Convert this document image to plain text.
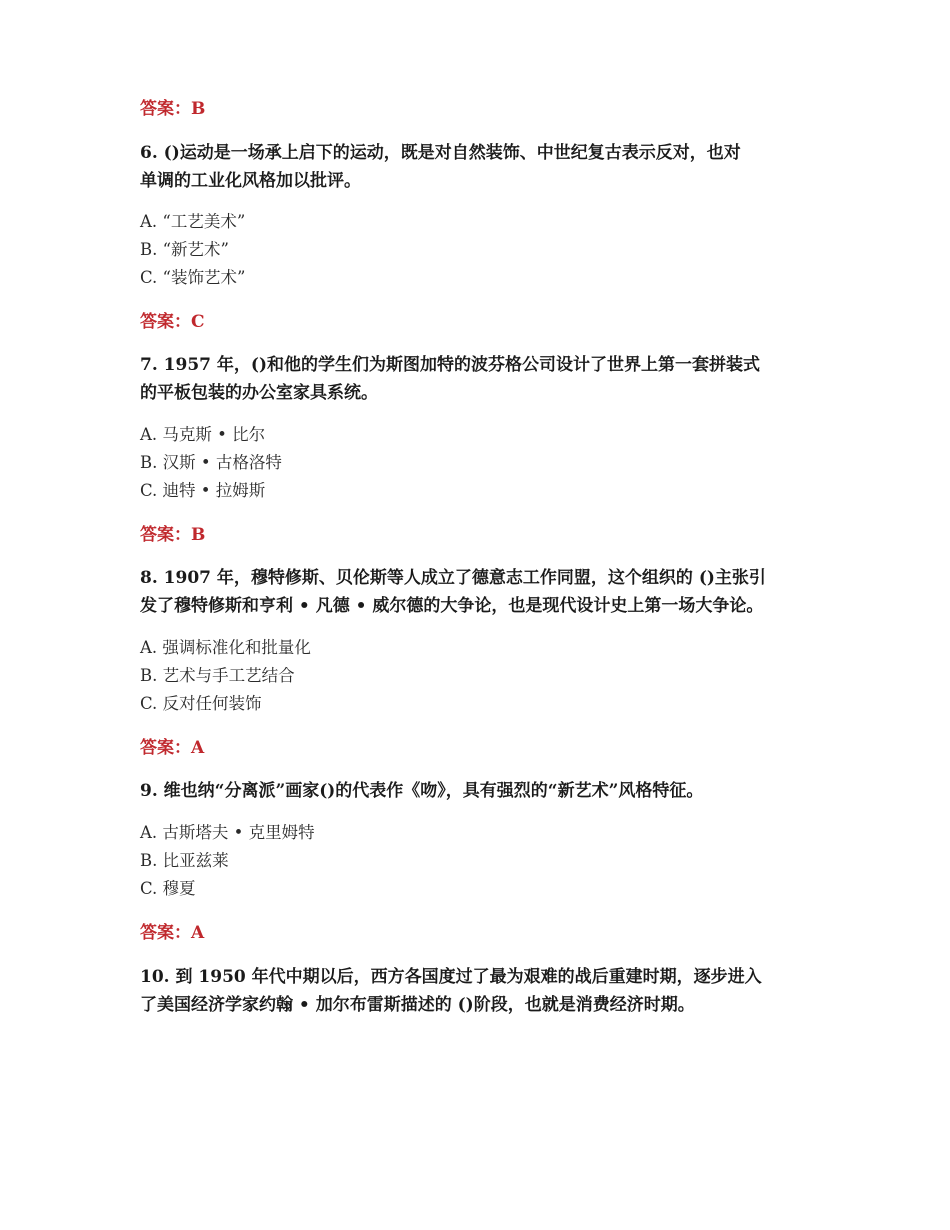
答案：B
6. ()运动是一场承上启下的运动，既是对自然装饰、中世纪复古表示反对，也对
单调的工业化风格加以批评。
A. “工艺美术”
B. “新艺术”
C. “装饰艺术”
答案：C
7. 1957 年，()和他的学生们为斯图加特的波芬格公司设计了世界上第一套拼装式
的平板包装的办公室家具系统。
A. 马克斯 • 比尔
B. 汉斯 • 古格洛特
C. 迪特 • 拉姆斯
答案：B
8. 1907 年，穆特修斯、贝伦斯等人成立了德意志工作同盟，这个组织的 ()主张引
发了穆特修斯和亨利 • 凡德 • 威尔德的大争论，也是现代设计史上第一场大争论。
A. 强调标准化和批量化
B. 艺术与手工艺结合
C. 反对任何装饰
答案：A
9. 维也纳“分离派”画家()的代表作《吻》，具有强烈的“新艺术”风格特征。
A. 古斯塔夫 • 克里姆特
B. 比亚兹莱
C. 穆夏
答案：A
10. 到 1950 年代中期以后，西方各国度过了最为艰难的战后重建时期，逐步进入
了美国经济学家约翰 • 加尔布雷斯描述的 ()阶段，也就是消费经济时期。
